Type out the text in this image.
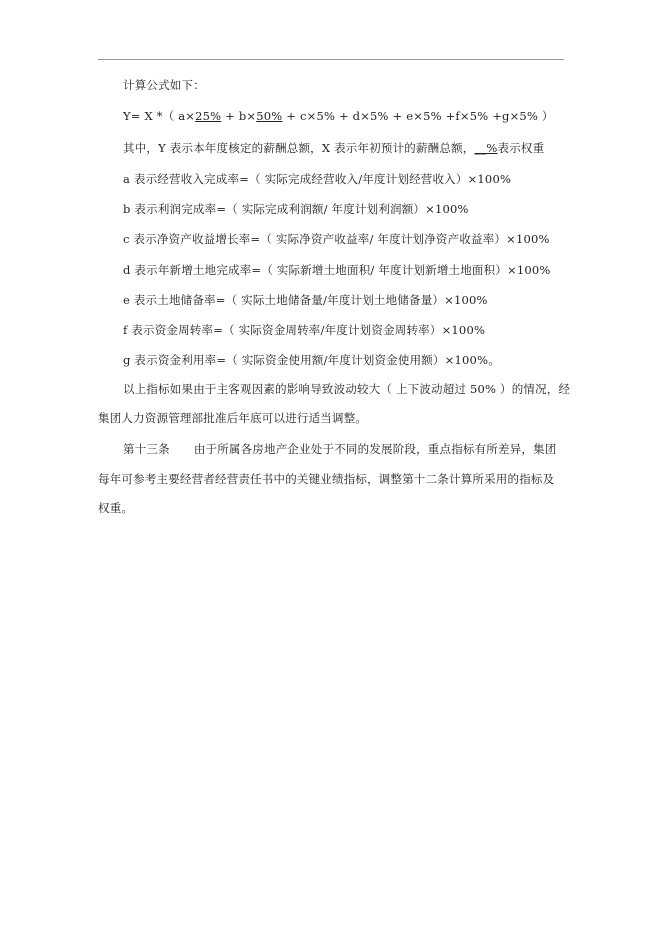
计算公式如下：
Y= X *（ a×25% + b×50% + c×5% + d×5% + e×5% +f×5% +g×5% ）
其中，Y 表示本年度核定的薪酬总额，X 表示年初预计的薪酬总额，__%表示权重
a 表示经营收入完成率=（ 实际完成经营收入/年度计划经营收入）×100%
b 表示利润完成率=（ 实际完成利润额/ 年度计划利润额）×100%
c 表示净资产收益增长率=（ 实际净资产收益率/ 年度计划净资产收益率）×100%
d 表示年新增土地完成率=（ 实际新增土地面积/ 年度计划新增土地面积）×100%
e 表示土地储备率=（ 实际土地储备量/年度计划土地储备量）×100%
f 表示资金周转率=（ 实际资金周转率/年度计划资金周转率）×100%
g 表示资金利用率=（ 实际资金使用额/年度计划资金使用额）×100%。
以上指标如果由于主客观因素的影响导致波动较大（ 上下波动超过 50% ）的情况，经
集团人力资源管理部批准后年底可以进行适当调整。
第十三条 由于所属各房地产企业处于不同的发展阶段，重点指标有所差异，集团
每年可参考主要经营者经营责任书中的关键业绩指标，调整第十二条计算所采用的指标及
权重。
